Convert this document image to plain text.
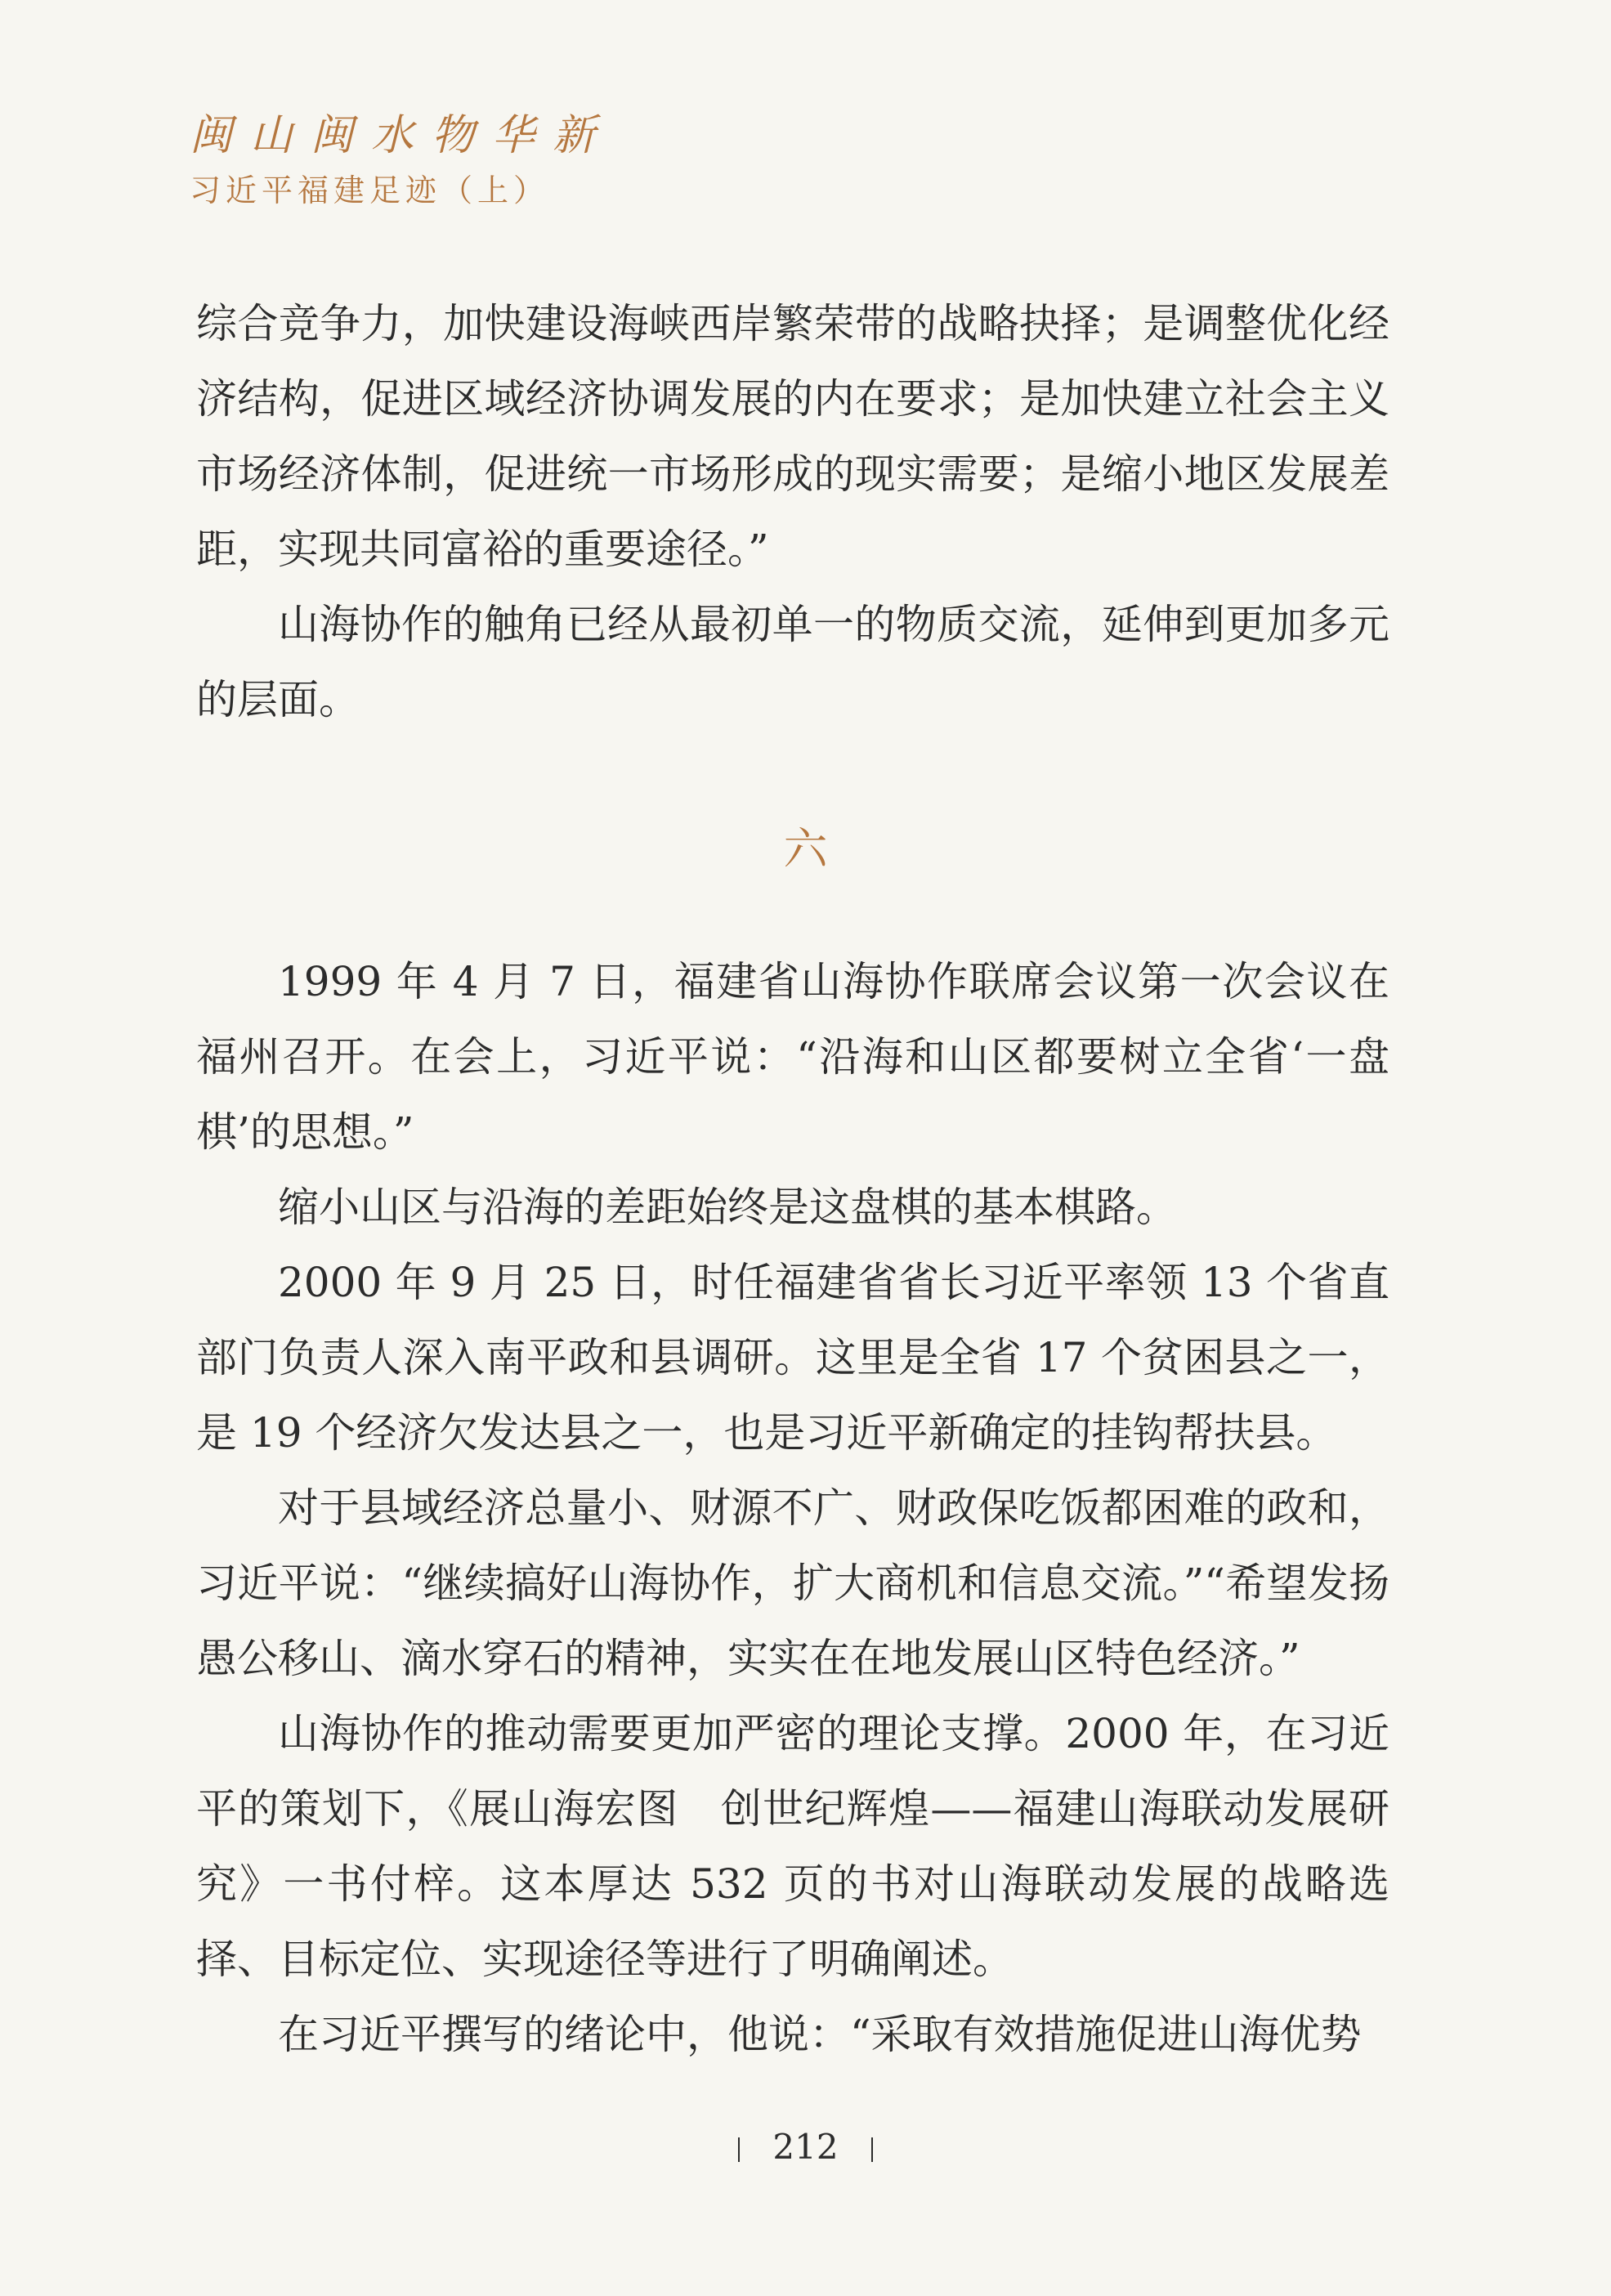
闽山闽水物华新
习近平福建足迹（上）

综合竞争力，加快建设海峡西岸繁荣带的战略抉择；是调整优化经济结构，促进区域经济协调发展的内在要求；是加快建立社会主义市场经济体制，促进统一市场形成的现实需要；是缩小地区发展差距，实现共同富裕的重要途径。”

山海协作的触角已经从最初单一的物质交流，延伸到更加多元的层面。

六

1999 年 4 月 7 日，福建省山海协作联席会议第一次会议在福州召开。在会上，习近平说：“沿海和山区都要树立全省‘一盘棋’的思想。”

缩小山区与沿海的差距始终是这盘棋的基本棋路。

2000 年 9 月 25 日，时任福建省省长习近平率领 13 个省直部门负责人深入南平政和县调研。这里是全省 17 个贫困县之一，是 19 个经济欠发达县之一，也是习近平新确定的挂钩帮扶县。

对于县域经济总量小、财源不广、财政保吃饭都困难的政和，习近平说：“继续搞好山海协作，扩大商机和信息交流。”“希望发扬愚公移山、滴水穿石的精神，实实在在地发展山区特色经济。”

山海协作的推动需要更加严密的理论支撑。2000 年，在习近平的策划下，《展山海宏图　创世纪辉煌——福建山海联动发展研究》一书付梓。这本厚达 532 页的书对山海联动发展的战略选择、目标定位、实现途径等进行了明确阐述。

在习近平撰写的绪论中，他说：“采取有效措施促进山海优势

212
